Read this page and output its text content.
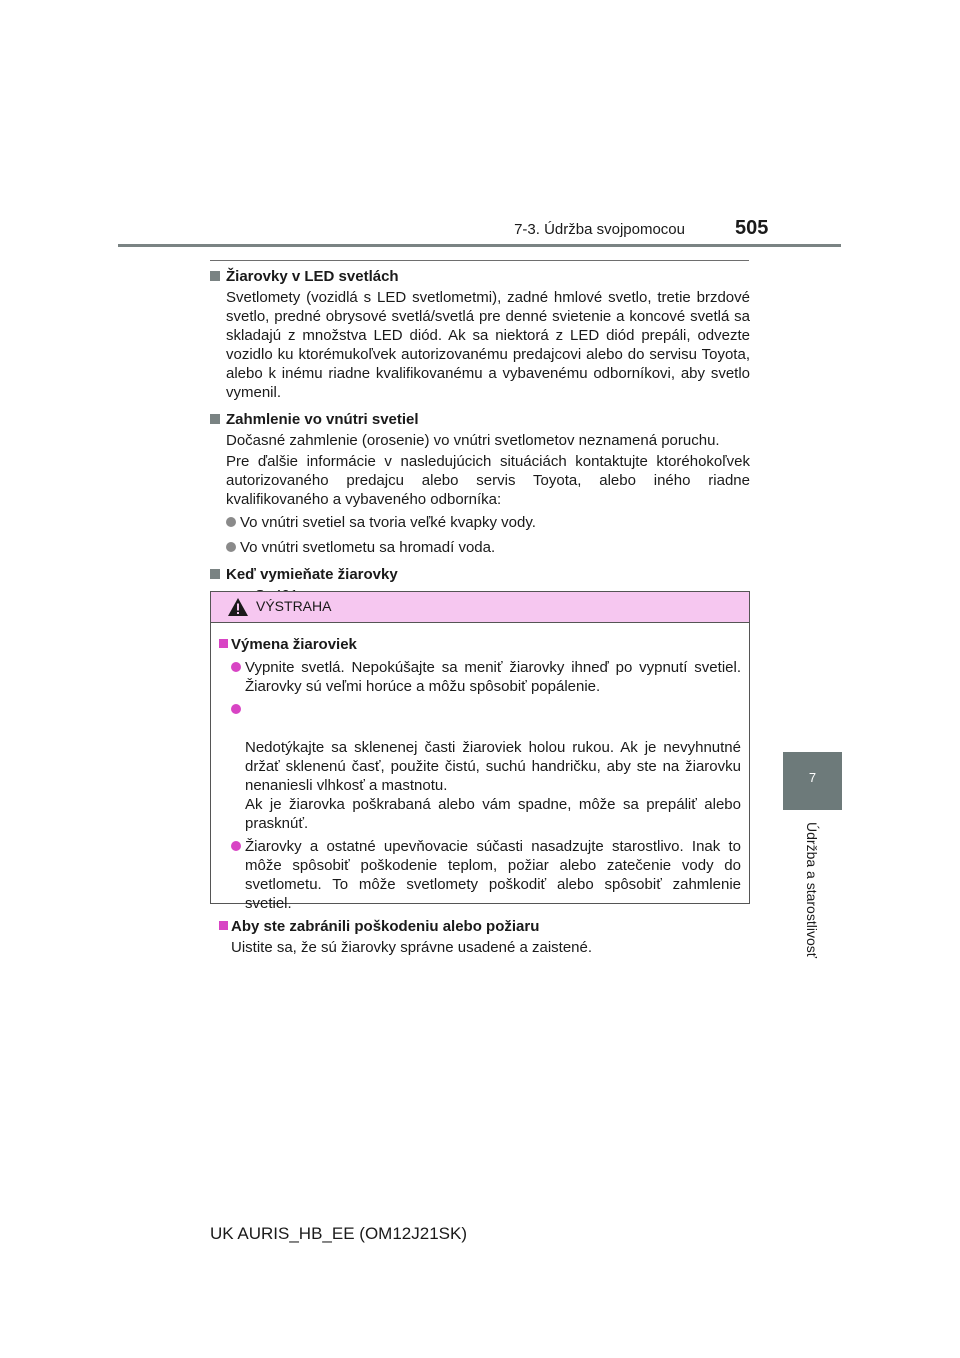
7-3. Údržba svojpomocou	505
7
Údržba a starostlivosť
Žiarovky v LED svetlách
Svetlomety (vozidlá s LED svetlometmi), zadné hmlové svetlo, tretie brzdové svetlo, predné obrysové svetlá/svetlá pre denné svietenie a koncové svetlá sa skladajú z množstva LED diód. Ak sa niektorá z LED diód prepáli, odvezte vozidlo ku ktorémukoľvek autorizovanému predajcovi alebo do servisu Toyota, alebo k inému riadne kvalifikovanému a vybavenému odborníkovi, aby svetlo vymenil.
Zahmlenie vo vnútri svetiel
Dočasné zahmlenie (orosenie) vo vnútri svetlometov neznamená poruchu.
Pre ďalšie informácie v nasledujúcich situáciách kontaktujte ktoréhokoľvek autorizovaného predajcu alebo servis Toyota, alebo iného riadne kvalifikovaného a vybaveného odborníka:
Vo vnútri svetiel sa tvoria veľké kvapky vody.
Vo vnútri svetlometu sa hromadí voda.
Keď vymieňate žiarovky
VÝSTRAHA
Výmena žiaroviek
Vypnite svetlá. Nepokúšajte sa meniť žiarovky ihneď po vypnutí svetiel. Žiarovky sú veľmi horúce a môžu spôsobiť popálenie.

Nedotýkajte sa sklenenej časti žiaroviek holou rukou. Ak je nevyhnutné držať sklenenú časť, použite čistú, suchú handričku, aby ste na žiarovku nenaniesli vlhkosť a mastnotu.
Ak je žiarovka poškrabaná alebo vám spadne, môže sa prepáliť alebo prasknúť.

Žiarovky a ostatné upevňovacie súčasti nasadzujte starostlivo. Inak to môže spôsobiť poškodenie teplom, požiar alebo zatečenie vody do svetlometu. To môže svetlomety poškodiť alebo spôsobiť zahmlenie svetiel.
Aby ste zabránili poškodeniu alebo požiaru
Uistite sa, že sú žiarovky správne usadené a zaistené.
UK AURIS_HB_EE (OM12J21SK)
